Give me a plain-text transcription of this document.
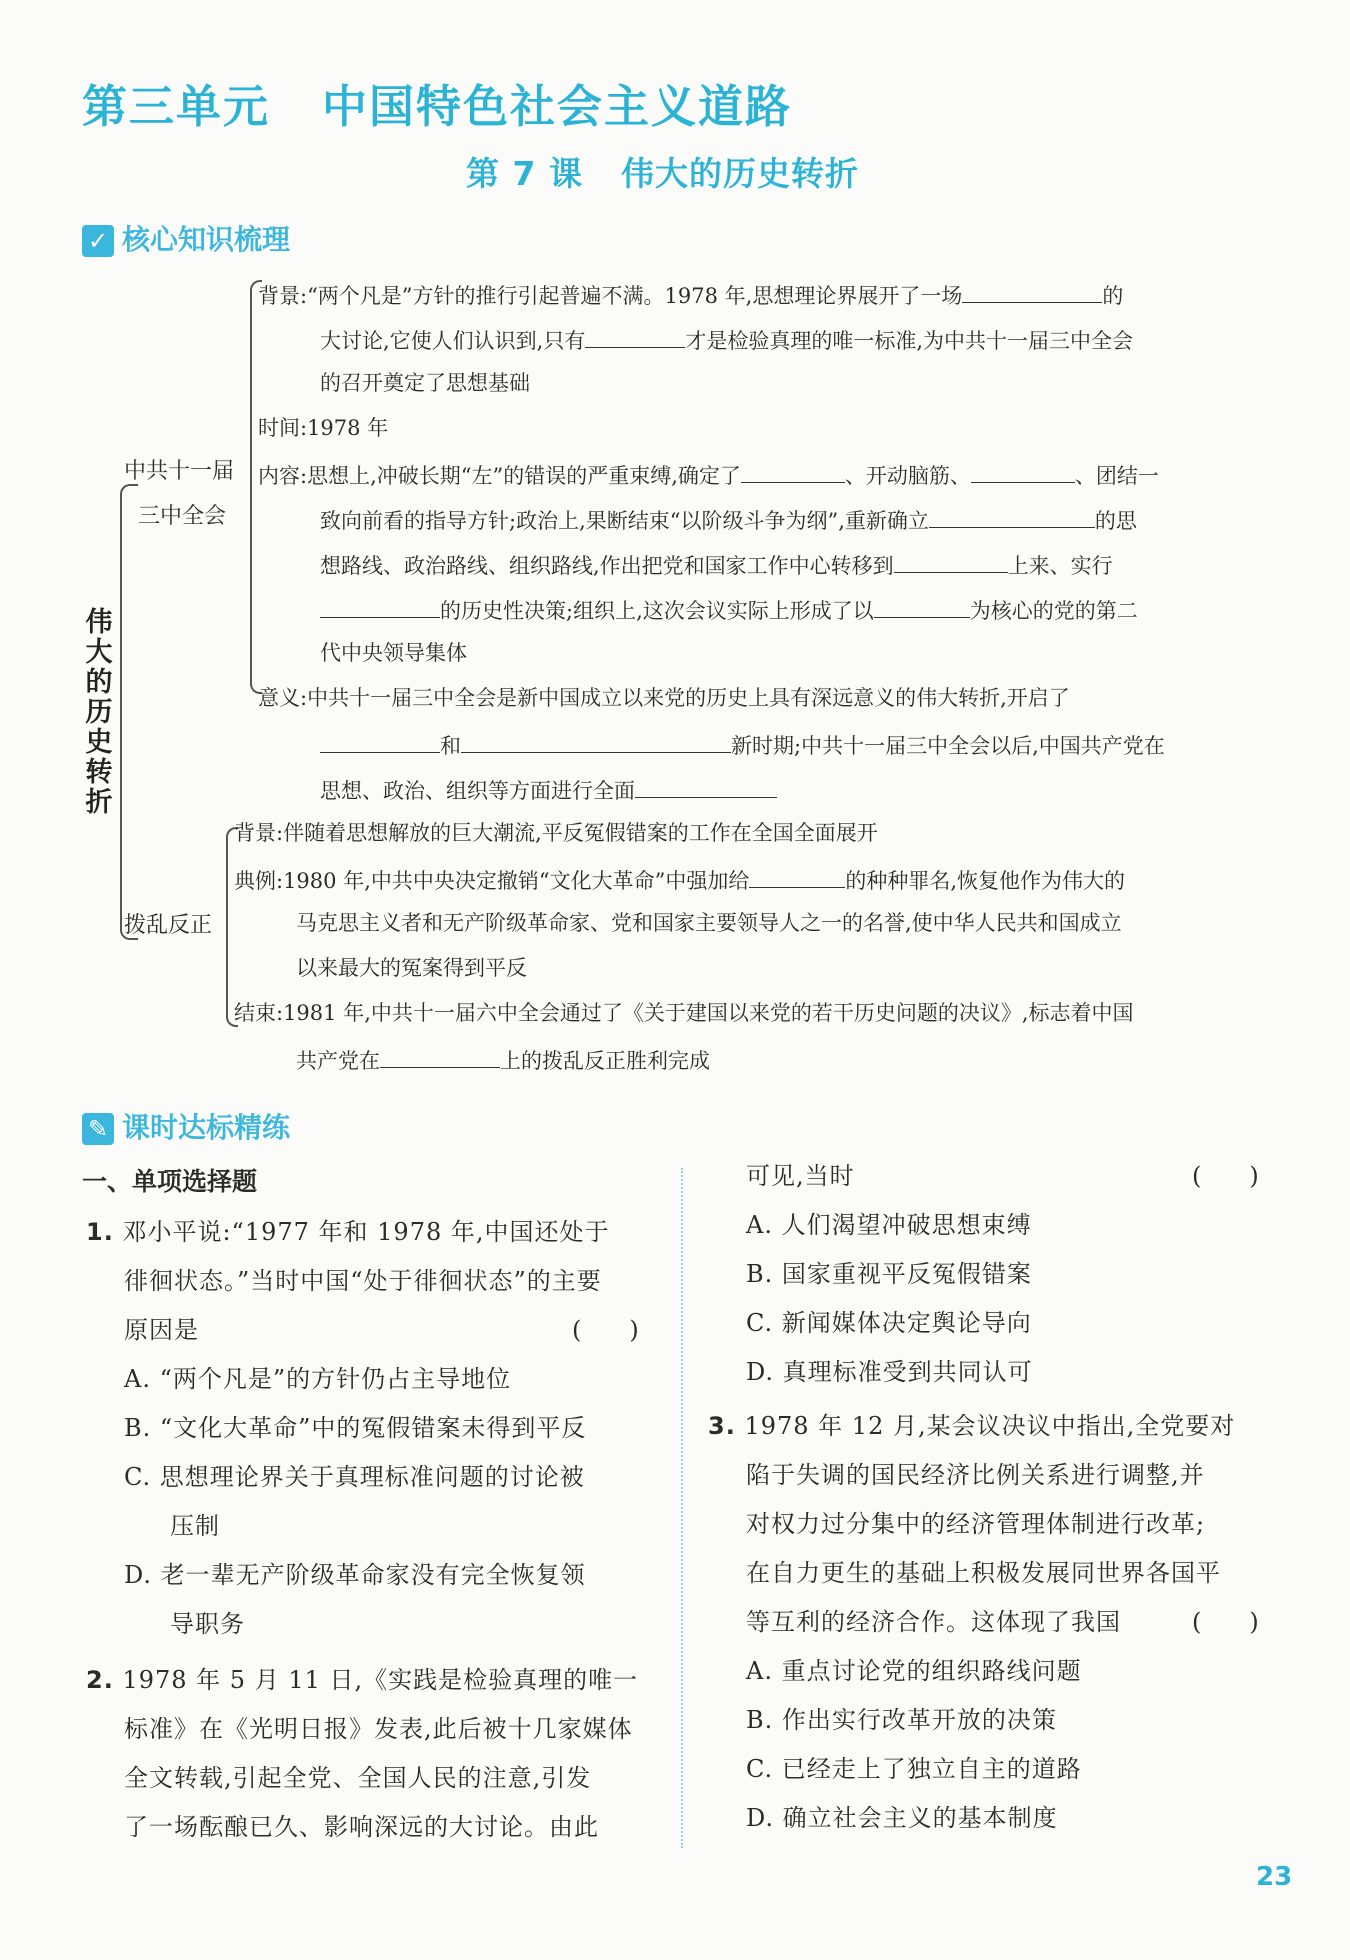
第三单元 中国特色社会主义道路
第 7 课 伟大的历史转折
✓ 核心知识梳理
伟大的历史转折
中共十一届
三中全会
拨乱反正
背景:“两个凡是”方针的推行引起普遍不满。1978 年,思想理论界展开了一场	的
大讨论,它使人们认识到,只有	才是检验真理的唯一标准,为中共十一届三中全会
的召开奠定了思想基础
时间:1978 年
内容:思想上,冲破长期“左”的错误的严重束缚,确定了	、开动脑筋、	、团结一
致向前看的指导方针;政治上,果断结束“以阶级斗争为纲”,重新确立	的思
想路线、政治路线、组织路线,作出把党和国家工作中心转移到	上来、实行
的历史性决策;组织上,这次会议实际上形成了以	为核心的党的第二
代中央领导集体
意义:中共十一届三中全会是新中国成立以来党的历史上具有深远意义的伟大转折,开启了
和	新时期;中共十一届三中全会以后,中国共产党在
思想、政治、组织等方面进行全面
背景:伴随着思想解放的巨大潮流,平反冤假错案的工作在全国全面展开
典例:1980 年,中共中央决定撤销“文化大革命”中强加给	的种种罪名,恢复他作为伟大的
马克思主义者和无产阶级革命家、党和国家主要领导人之一的名誉,使中华人民共和国成立
以来最大的冤案得到平反
结束:1981 年,中共十一届六中全会通过了《关于建国以来党的若干历史问题的决议》,标志着中国
共产党在	上的拨乱反正胜利完成
✎ 课时达标精练
一、单项选择题
1. 邓小平说:“1977 年和 1978 年,中国还处于
徘徊状态。”当时中国“处于徘徊状态”的主要
原因是	(　　)
A. “两个凡是”的方针仍占主导地位
B. “文化大革命”中的冤假错案未得到平反
C. 思想理论界关于真理标准问题的讨论被
压制
D. 老一辈无产阶级革命家没有完全恢复领
导职务
2. 1978 年 5 月 11 日,《实践是检验真理的唯一
标准》在《光明日报》发表,此后被十几家媒体
全文转载,引起全党、全国人民的注意,引发
了一场酝酿已久、影响深远的大讨论。由此
可见,当时	(　　)
A. 人们渴望冲破思想束缚
B. 国家重视平反冤假错案
C. 新闻媒体决定舆论导向
D. 真理标准受到共同认可
3. 1978 年 12 月,某会议决议中指出,全党要对
陷于失调的国民经济比例关系进行调整,并
对权力过分集中的经济管理体制进行改革;
在自力更生的基础上积极发展同世界各国平
等互利的经济合作。这体现了我国	(　　)
A. 重点讨论党的组织路线问题
B. 作出实行改革开放的决策
C. 已经走上了独立自主的道路
D. 确立社会主义的基本制度
23
